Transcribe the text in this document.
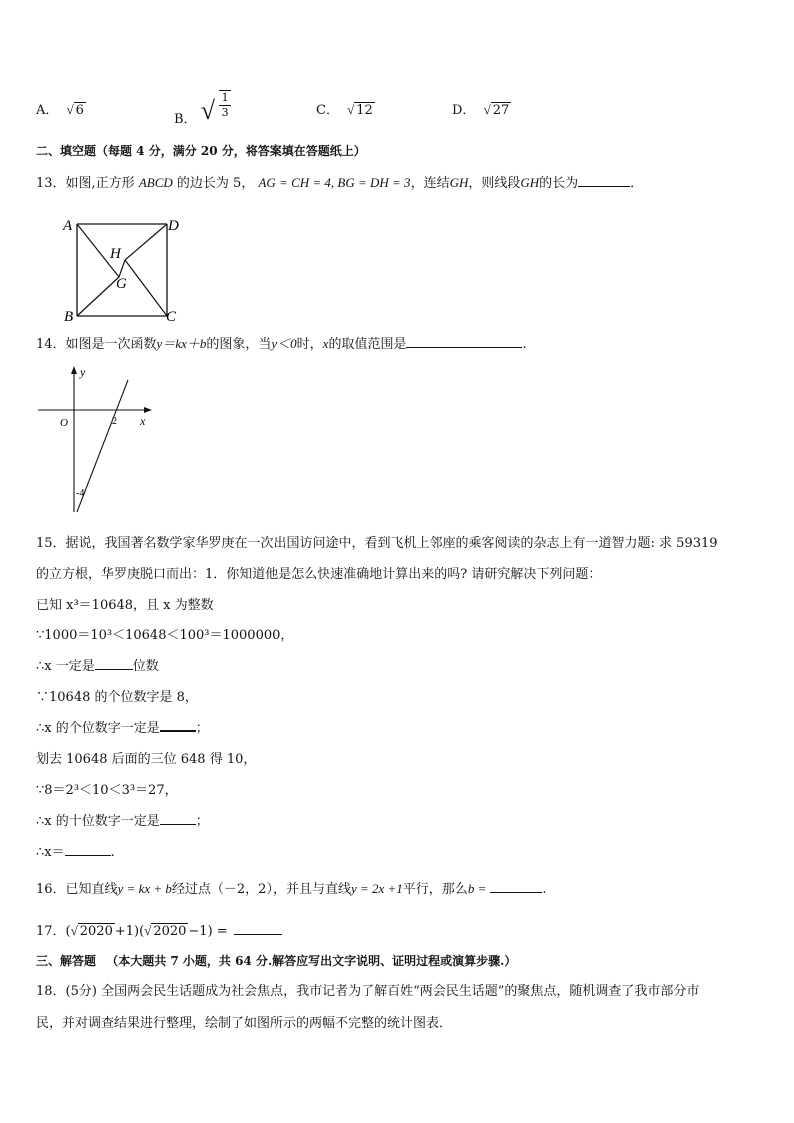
A． √ 6
B． √ $\frac{1}{3}$	C． √ 12	D． √ 27
二、填空题（每题 4 分，满分 20 分，将答案填在答题纸上）
13．如图,正方形 ABCD 的边长为 5， AG = CH = 4, BG = DH = 3，连结GH，则线段GH的长为	．
A	D
B	C
H
G
14．如图是一次函数y＝kx＋b的图象，当y＜0时，x的取值范围是	.
y
x
O	2
-4
15．据说，我国著名数学家华罗庚在一次出国访问途中，看到飞机上邻座的乘客阅读的杂志上有一道智力题: 求 59319
的立方根，华罗庚脱口而出：1．你知道他是怎么快速准确地计算出来的吗? 请研究解决下列问题：
已知 x³＝10648，且 x 为整数
∵1000＝10³＜10648＜100³＝1000000，
∴x 一定是	位数
∵10648 的个位数字是 8，
∴x 的个位数字一定是	；
划去 10648 后面的三位 648 得 10，
∵8＝2³＜10＜3³＝27，
∴x 的十位数字一定是	；
∴x＝	.
16．已知直线y = kx + b经过点（－2，2），并且与直线y = 2x +1平行，那么b =	.
17．(√ 2020 +1)(√ 2020 −1) =
三、解答题 （本大题共 7 小题，共 64 分.解答应写出文字说明、证明过程或演算步骤.）
18．(5分) 全国两会民生话题成为社会焦点，我市记者为了解百姓“两会民生话题”的聚焦点，随机调查了我市部分市
民，并对调查结果进行整理，绘制了如图所示的两幅不完整的统计图表．
